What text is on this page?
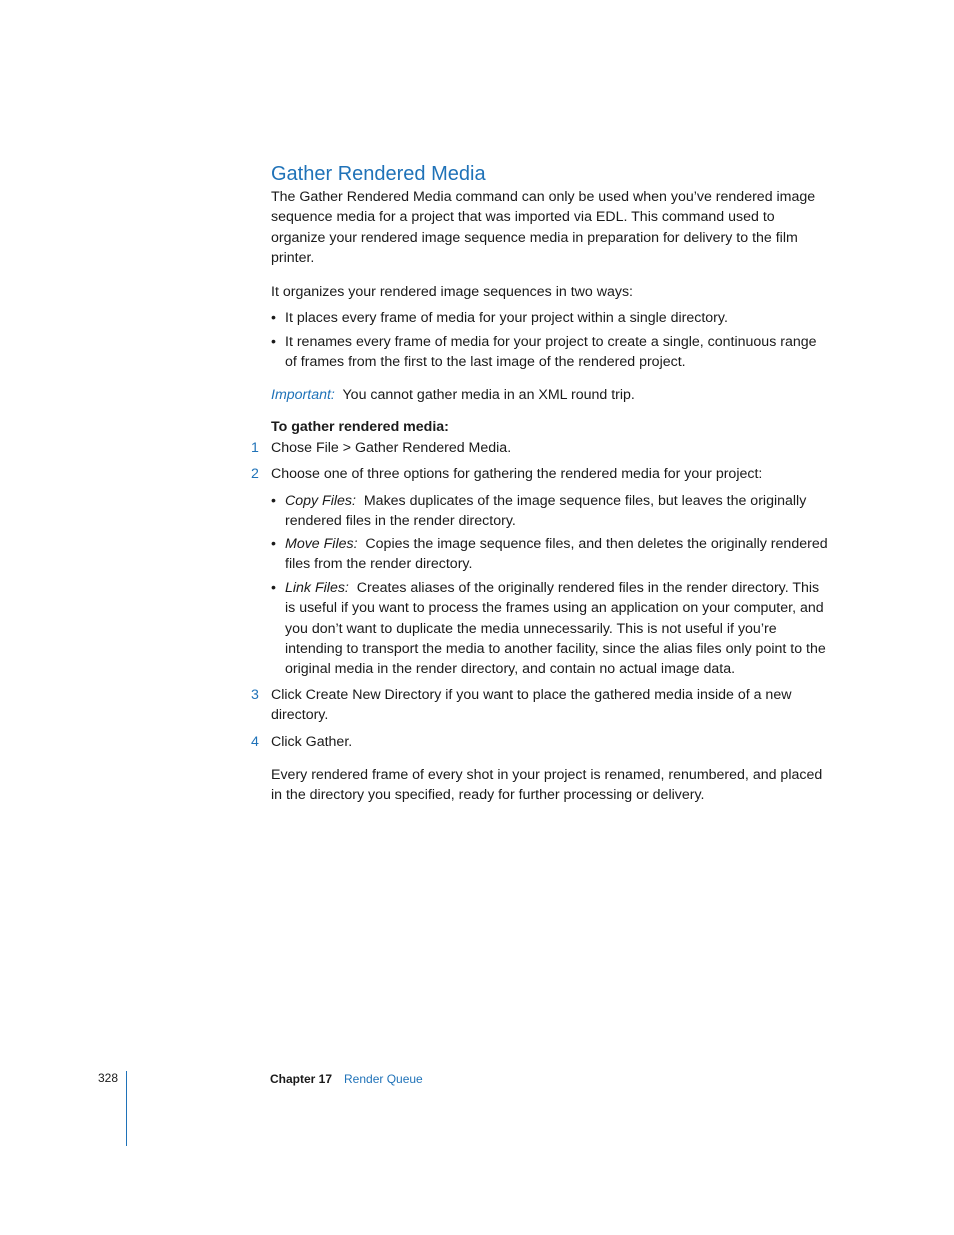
Gather Rendered Media
The Gather Rendered Media command can only be used when you’ve rendered image sequence media for a project that was imported via EDL. This command used to organize your rendered image sequence media in preparation for delivery to the film printer.
It organizes your rendered image sequences in two ways:
• It places every frame of media for your project within a single directory.
• It renames every frame of media for your project to create a single, continuous range of frames from the first to the last image of the rendered project.
Important: You cannot gather media in an XML round trip.
To gather rendered media:
1 Chose File > Gather Rendered Media.
2 Choose one of three options for gathering the rendered media for your project:
• Copy Files: Makes duplicates of the image sequence files, but leaves the originally rendered files in the render directory.
• Move Files: Copies the image sequence files, and then deletes the originally rendered files from the render directory.
• Link Files: Creates aliases of the originally rendered files in the render directory. This is useful if you want to process the frames using an application on your computer, and you don’t want to duplicate the media unnecessarily. This is not useful if you’re intending to transport the media to another facility, since the alias files only point to the original media in the render directory, and contain no actual image data.
3 Click Create New Directory if you want to place the gathered media inside of a new directory.
4 Click Gather.
Every rendered frame of every shot in your project is renamed, renumbered, and placed in the directory you specified, ready for further processing or delivery.
328	Chapter 17 Render Queue
